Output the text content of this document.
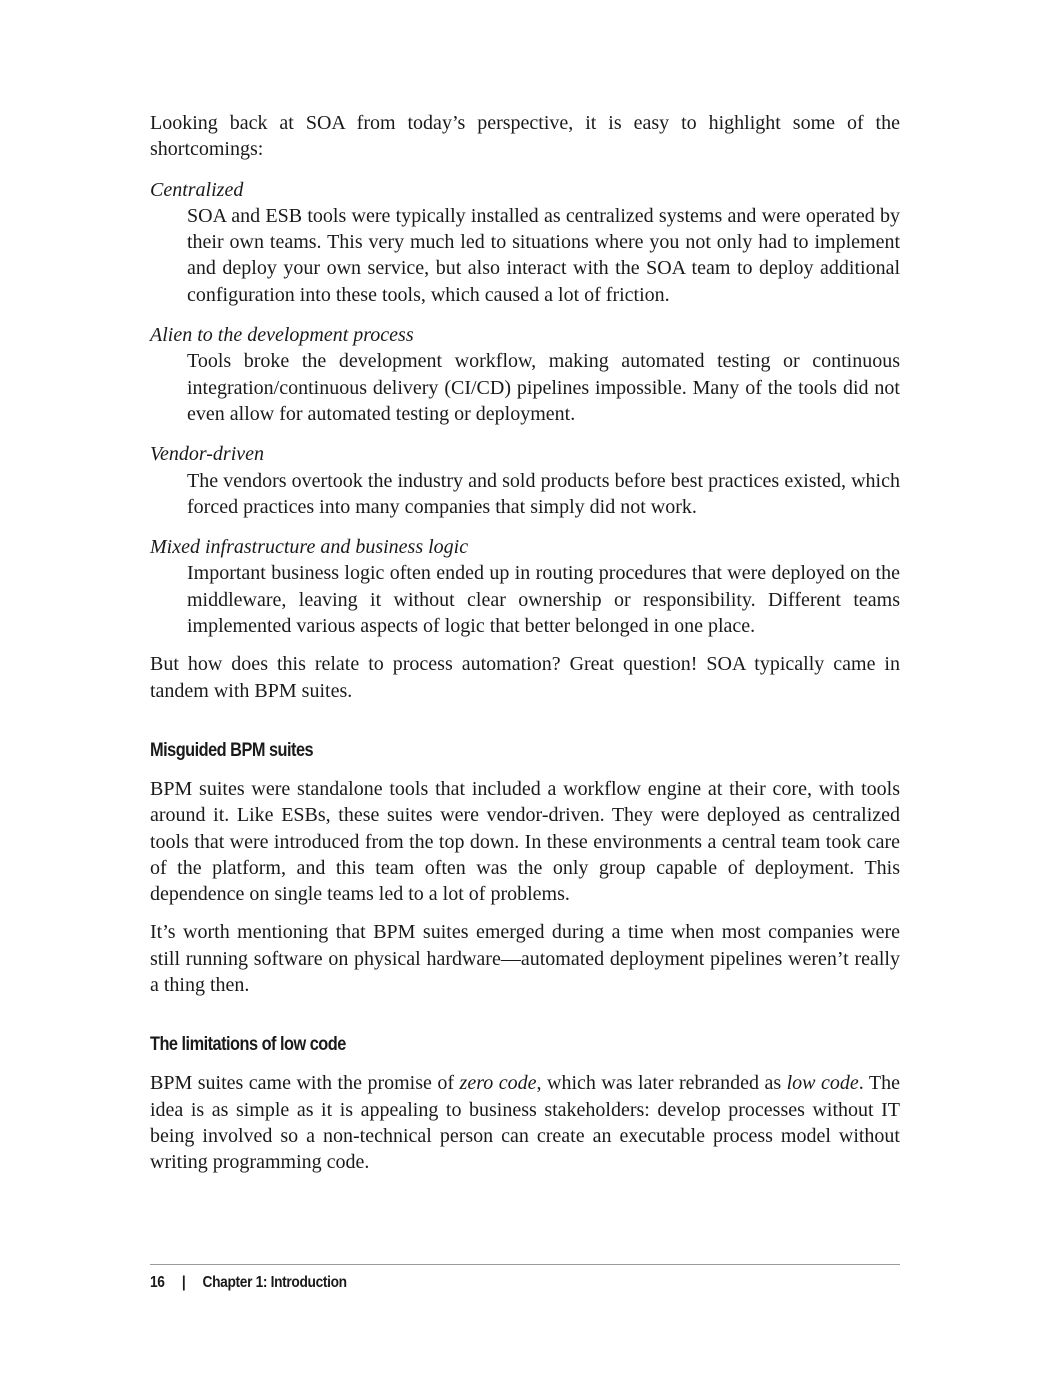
Looking back at SOA from today’s perspective, it is easy to highlight some of the shortcomings:

Centralized
SOA and ESB tools were typically installed as centralized systems and were operated by their own teams. This very much led to situations where you not only had to implement and deploy your own service, but also interact with the SOA team to deploy additional configuration into these tools, which caused a lot of friction.
Alien to the development process
Tools broke the development workflow, making automated testing or continuous integration/continuous delivery (CI/CD) pipelines impossible. Many of the tools did not even allow for automated testing or deployment.
Vendor-driven
The vendors overtook the industry and sold products before best practices existed, which forced practices into many companies that simply did not work.
Mixed infrastructure and business logic
Important business logic often ended up in routing procedures that were deployed on the middleware, leaving it without clear ownership or responsibility. Different teams implemented various aspects of logic that better belonged in one place.

But how does this relate to process automation? Great question! SOA typically came in tandem with BPM suites.

Misguided BPM suites

BPM suites were standalone tools that included a workflow engine at their core, with tools around it. Like ESBs, these suites were vendor-driven. They were deployed as centralized tools that were introduced from the top down. In these environments a central team took care of the platform, and this team often was the only group capable of deployment. This dependence on single teams led to a lot of problems.

It’s worth mentioning that BPM suites emerged during a time when most companies were still running software on physical hardware—automated deployment pipelines weren’t really a thing then.

The limitations of low code

BPM suites came with the promise of zero code, which was later rebranded as low code. The idea is as simple as it is appealing to business stakeholders: develop processes without IT being involved so a non-technical person can create an executable process model without writing programming code.

16 | Chapter 1: Introduction
